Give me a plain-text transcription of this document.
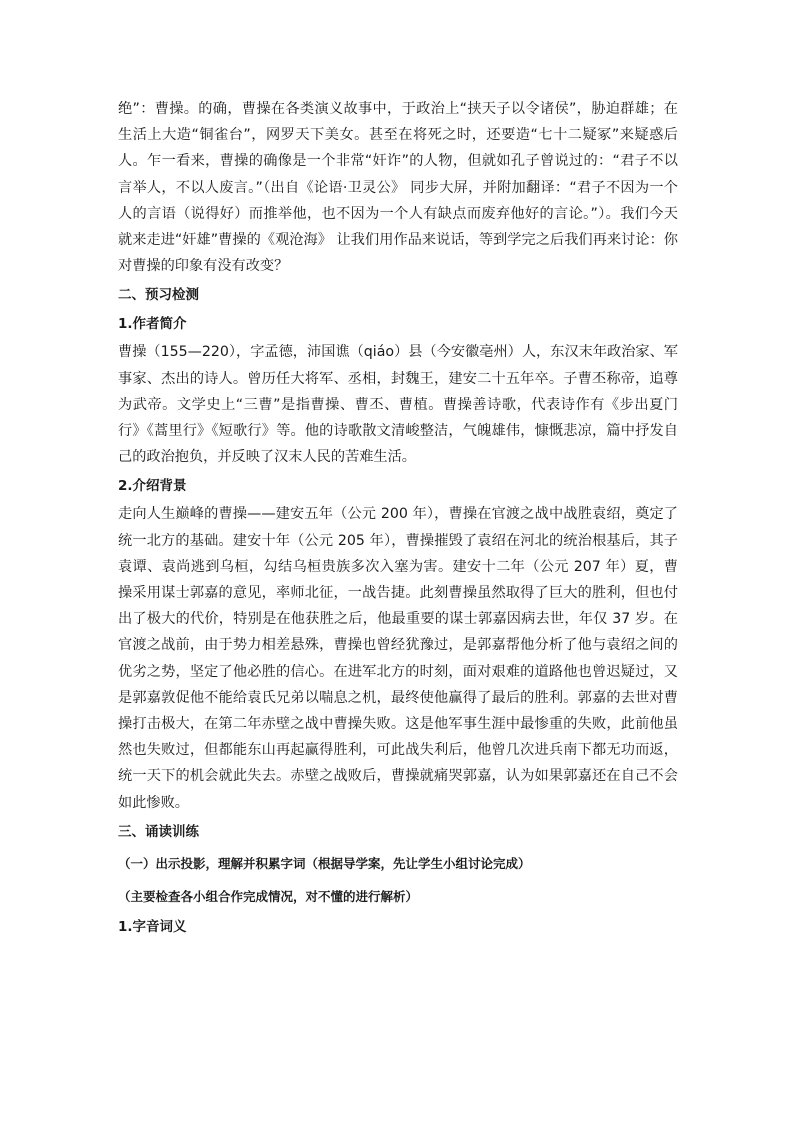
绝”：曹操。的确，曹操在各类演义故事中，于政治上“挟天子以令诸侯”，胁迫群雄；在生活上大造“铜雀台”，网罗天下美女。甚至在将死之时，还要造“七十二疑冢”来疑惑后人。乍一看来，曹操的确像是一个非常“奸诈”的人物，但就如孔子曾说过的：“君子不以言举人，不以人废言。”（出自《论语·卫灵公》 同步大屏，并附加翻译：“君子不因为一个人的言语（说得好）而推举他，也不因为一个人有缺点而废弃他好的言论。”）。我们今天就来走进“奸雄”曹操的《观沧海》 让我们用作品来说话，等到学完之后我们再来讨论：你对曹操的印象有没有改变？

二、预习检测

1.作者简介

曹操（155—220），字孟德，沛国谯（qiáo）县（今安徽亳州）人，东汉末年政治家、军事家、杰出的诗人。曾历任大将军、丞相，封魏王，建安二十五年卒。子曹丕称帝，追尊为武帝。文学史上“三曹”是指曹操、曹丕、曹植。曹操善诗歌，代表诗作有《步出夏门行》《蒿里行》《短歌行》等。他的诗歌散文清峻整洁，气魄雄伟，慷慨悲凉，篇中抒发自己的政治抱负，并反映了汉末人民的苦难生活。

2.介绍背景

走向人生巅峰的曹操——建安五年（公元 200 年），曹操在官渡之战中战胜袁绍，奠定了统一北方的基础。建安十年（公元 205 年），曹操摧毁了袁绍在河北的统治根基后，其子袁谭、袁尚逃到乌桓，勾结乌桓贵族多次入塞为害。建安十二年（公元 207 年）夏，曹操采用谋士郭嘉的意见，率师北征，一战告捷。此刻曹操虽然取得了巨大的胜利，但也付出了极大的代价，特别是在他获胜之后，他最重要的谋士郭嘉因病去世，年仅 37 岁。在官渡之战前，由于势力相差悬殊，曹操也曾经犹豫过，是郭嘉帮他分析了他与袁绍之间的优劣之势，坚定了他必胜的信心。在进军北方的时刻，面对艰难的道路他也曾迟疑过，又是郭嘉敦促他不能给袁氏兄弟以喘息之机，最终使他赢得了最后的胜利。郭嘉的去世对曹操打击极大，在第二年赤壁之战中曹操失败。这是他军事生涯中最惨重的失败，此前他虽然也失败过，但都能东山再起赢得胜利，可此战失利后，他曾几次进兵南下都无功而返，统一天下的机会就此失去。赤壁之战败后，曹操就痛哭郭嘉，认为如果郭嘉还在自己不会如此惨败。

三、诵读训练

（一）出示投影，理解并积累字词（根据导学案，先让学生小组讨论完成）

（主要检查各小组合作完成情况，对不懂的进行解析）

1.字音词义
